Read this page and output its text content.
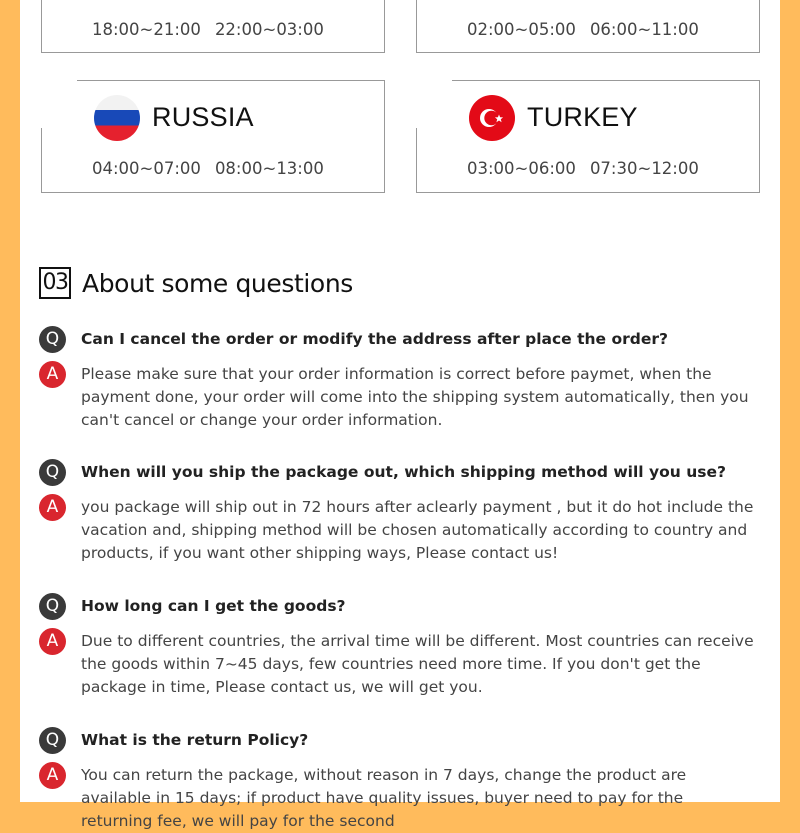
18:00~21:00 22:00~03:00	02:00~05:00 06:00~11:00
RUSSIA
04:00~07:00 08:00~13:00
TURKEY
03:00~06:00 07:30~12:00
03 About some questions
Q	Can I cancel the order or modify the address after place the order?
A	Please make sure that your order information is correct before paymet, when the payment done, your order will come into the shipping system automatically, then you can't cancel or change your order information.
Q	When will you ship the package out, which shipping method will you use?
A	you package will ship out in 72 hours after aclearly payment , but it do hot include the vacation and, shipping method will be chosen automatically according to country and products, if you want other shipping ways, Please contact us!
Q	How long can I get the goods?
A	Due to different countries, the arrival time will be different. Most countries can receive the goods within 7~45 days, few countries need more time. If you don't get the package in time, Please contact us, we will get you.
Q	What is the return Policy?
A	You can return the package, without reason in 7 days, change the product are available in 15 days; if product have quality issues, buyer need to pay for the returning fee, we will pay for the second
